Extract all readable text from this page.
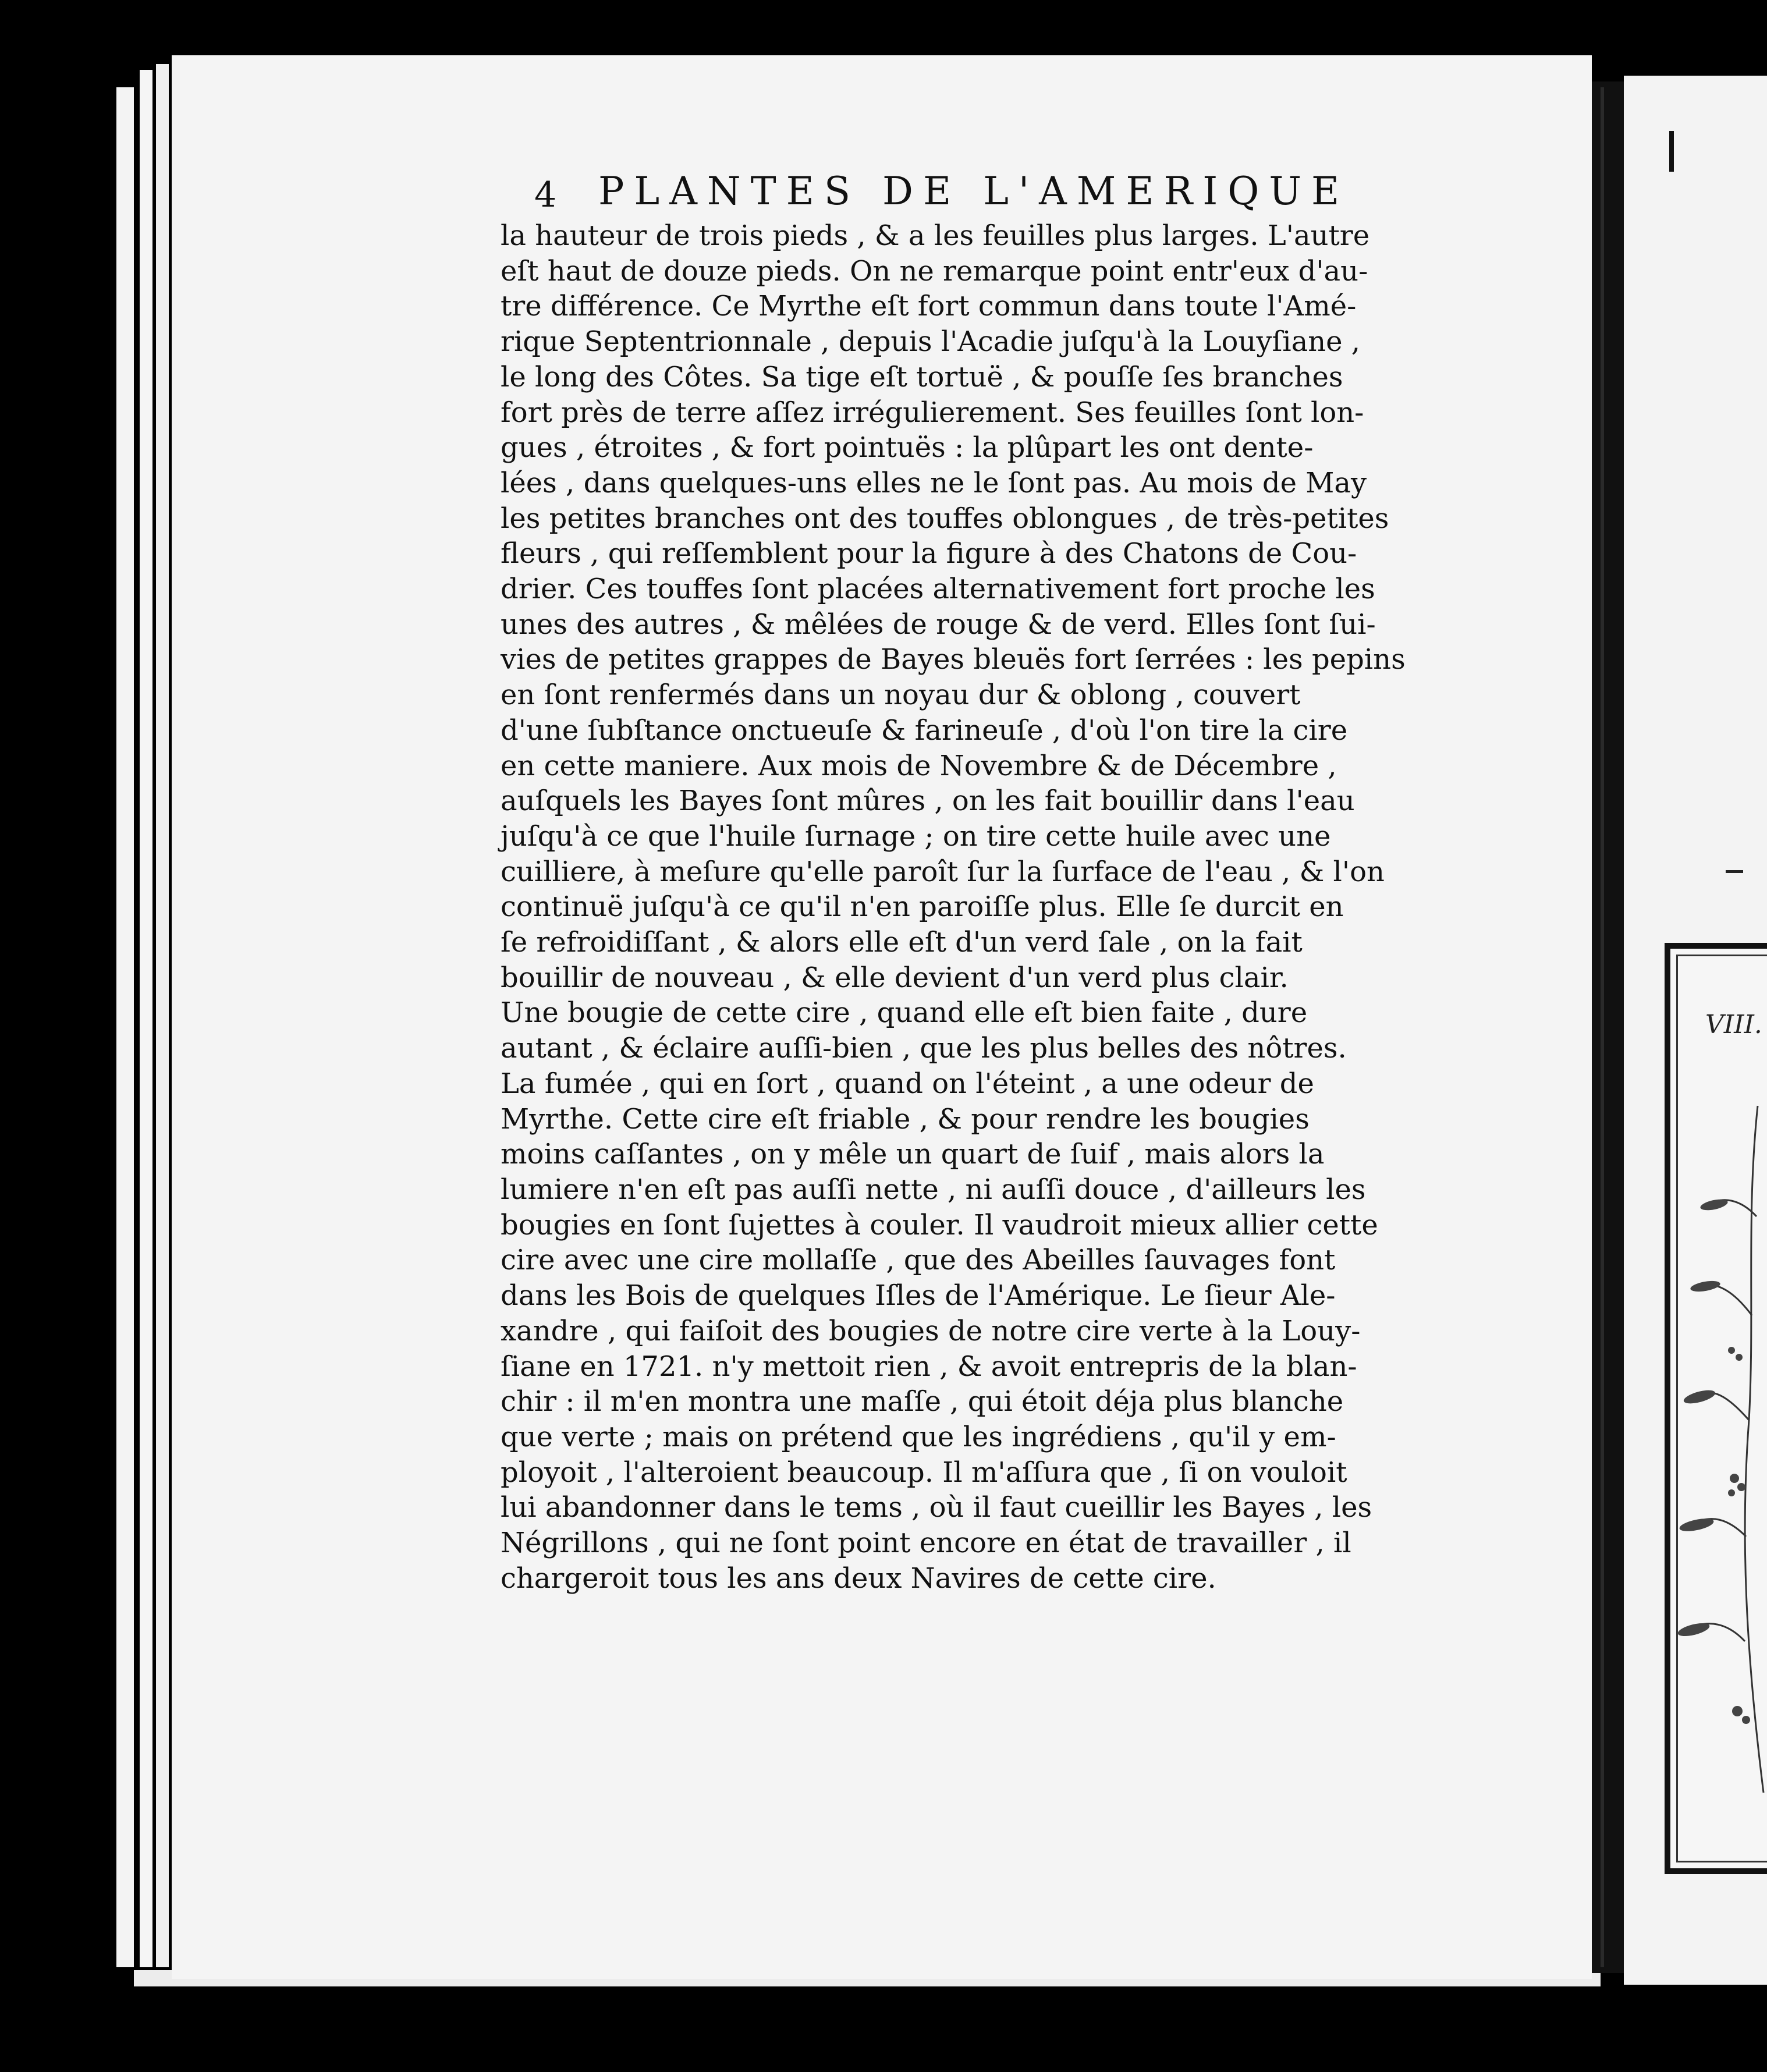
VIII.
4 PLANTES DE L'AMERIQUE
la hauteur de trois pieds , & a les feuilles plus larges. L'autre
eſt haut de douze pieds. On ne remarque point entr'eux d'au-
tre différence. Ce Myrthe eſt fort commun dans toute l'Amé-
rique Septentrionnale , depuis l'Acadie juſqu'à la Louyſiane ,
le long des Côtes. Sa tige eſt tortuë , & pouſſe ſes branches
fort près de terre aſſez irrégulierement. Ses feuilles ſont lon-
gues , étroites , & fort pointuës : la plûpart les ont dente-
lées , dans quelques-uns elles ne le ſont pas. Au mois de May
les petites branches ont des touffes oblongues , de très-petites
fleurs , qui reſſemblent pour la figure à des Chatons de Cou-
drier. Ces touffes ſont placées alternativement fort proche les
unes des autres , & mêlées de rouge & de verd. Elles ſont ſui-
vies de petites grappes de Bayes bleuës fort ſerrées : les pepins
en ſont renfermés dans un noyau dur & oblong , couvert
d'une ſubſtance onctueuſe & farineuſe , d'où l'on tire la cire
en cette maniere. Aux mois de Novembre & de Décembre ,
auſquels les Bayes ſont mûres , on les fait bouillir dans l'eau
juſqu'à ce que l'huile ſurnage ; on tire cette huile avec une
cuilliere, à meſure qu'elle paroît ſur la ſurface de l'eau , & l'on
continuë juſqu'à ce qu'il n'en paroiſſe plus. Elle ſe durcit en
ſe refroidiſſant , & alors elle eſt d'un verd ſale , on la fait
bouillir de nouveau , & elle devient d'un verd plus clair.
Une bougie de cette cire , quand elle eſt bien faite , dure
autant , & éclaire auſſi-bien , que les plus belles des nôtres.
La fumée , qui en ſort , quand on l'éteint , a une odeur de
Myrthe. Cette cire eſt friable , & pour rendre les bougies
moins caſſantes , on y mêle un quart de ſuif , mais alors la
lumiere n'en eſt pas auſſi nette , ni auſſi douce , d'ailleurs les
bougies en ſont ſujettes à couler. Il vaudroit mieux allier cette
cire avec une cire mollaſſe , que des Abeilles ſauvages font
dans les Bois de quelques Iſles de l'Amérique. Le ſieur Ale-
xandre , qui faiſoit des bougies de notre cire verte à la Louy-
ſiane en 1721. n'y mettoit rien , & avoit entrepris de la blan-
chir : il m'en montra une maſſe , qui étoit déja plus blanche
que verte ; mais on prétend que les ingrédiens , qu'il y em-
ployoit , l'alteroient beaucoup. Il m'aſſura que , ſi on vouloit
lui abandonner dans le tems , où il faut cueillir les Bayes , les
Négrillons , qui ne ſont point encore en état de travailler , il
chargeroit tous les ans deux Navires de cette cire.
